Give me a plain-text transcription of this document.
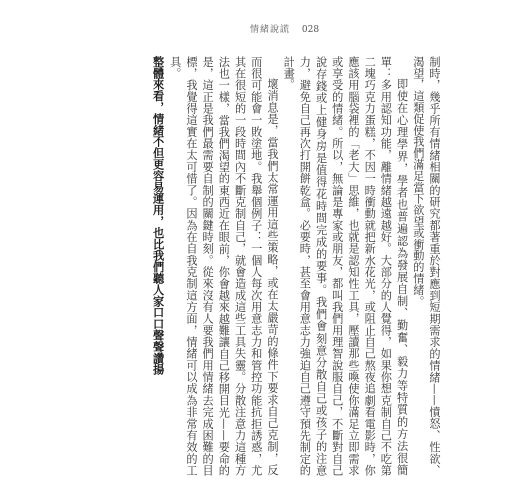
情緒說謊 028

制時，幾乎所有情緒相關的研究都著重於對應到短期需求的情緒——憤怒、性欲、渴望，這類促使我們滿足當下欲望或衝動的情緒。

即使在心理學界，學者也普遍認為發展自制、勤奮、毅力等特質的方法很簡單：多用認知功能，離情緒越遠越好。大部分的人覺得，如果你想克制自己不吃第二塊巧克力蛋糕，不因一時衝動就把新水花光，或阻止自己熬夜追劇看電影時，你應該用腦袋裡的「老大」思維，也就是認知性工具，壓讀那些喚使你滿足立即需求或享受的情緒。所以，無論是專家或朋友，都叫我們用理智說服自己，不斷對自己說存錢或上健身房是值得花時間完成的要事。我們會刻意分散自己或孩子的注意力，避免自己再次打開餅乾盒。必要時，甚至會用意志力強迫自己遵守預先制定的計畫。

壞消息是，當我們太常運用這些策略，或在太嚴苛的條件下要求自己克制，反而很可能會一敗塗地。我舉個例子：一個人每次用意志力和管控功能抗拒誘惑，尤其在很短的一段時間內不斷克制自己，就會造成這些工具失靈。分散注意力這種方法也一樣，當我們渴望的東西近在眼前，你會越來越難讓自己移開目光——要命的是，這正是我們最需要自制的關鍵時刻。從來沒有人要我們用情緒去完成困難的目標，我覺得這實在太可惜了。因為在自我克制這方面，情緒可以成為非常有效的工具。

整體來看，情緒不但更容易運用，也比我們聽人家口口聲聲讚揚
